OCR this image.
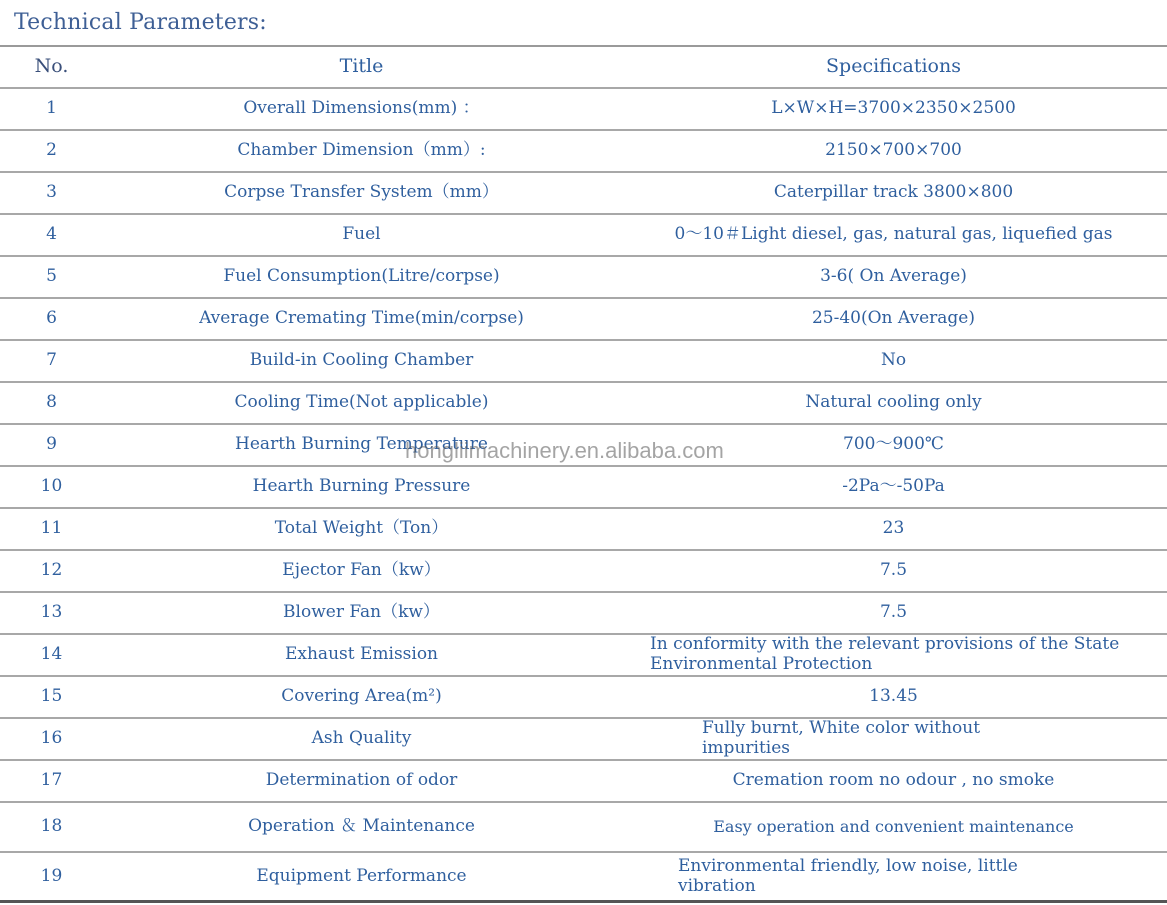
Technical Parameters:
No.	Title	Specifications
1	Overall Dimensions(mm) ：	L×W×H=3700×2350×2500
2	Chamber Dimension（mm）:	2150×700×700
3	Corpse Transfer System（mm）	Caterpillar track 3800×800
4	Fuel	0～10＃Light diesel, gas, natural gas, liquefied gas
5	Fuel Consumption(Litre/corpse)	3-6( On Average)
6	Average Cremating Time(min/corpse)	25-40(On Average)
7	Build-in Cooling Chamber	No
8	Cooling Time(Not applicable)	Natural cooling only
9	Hearth Burning Temperature	700～900℃
10	Hearth Burning Pressure	-2Pa～-50Pa
11	Total Weight（Ton）	23
12	Ejector Fan（kw）	7.5
13	Blower Fan（kw）	7.5
14	Exhaust Emission	In conformity with the relevant provisions of the State Environmental Protection
15	Covering Area(m²)	13.45
16	Ash Quality	Fully burnt, White color without impurities
17	Determination of odor	Cremation room no odour , no smoke
18	Operation ＆ Maintenance	Easy operation and convenient maintenance
19	Equipment Performance	Environmental friendly, low noise, little vibration
hongliimachinery.en.alibaba.com
